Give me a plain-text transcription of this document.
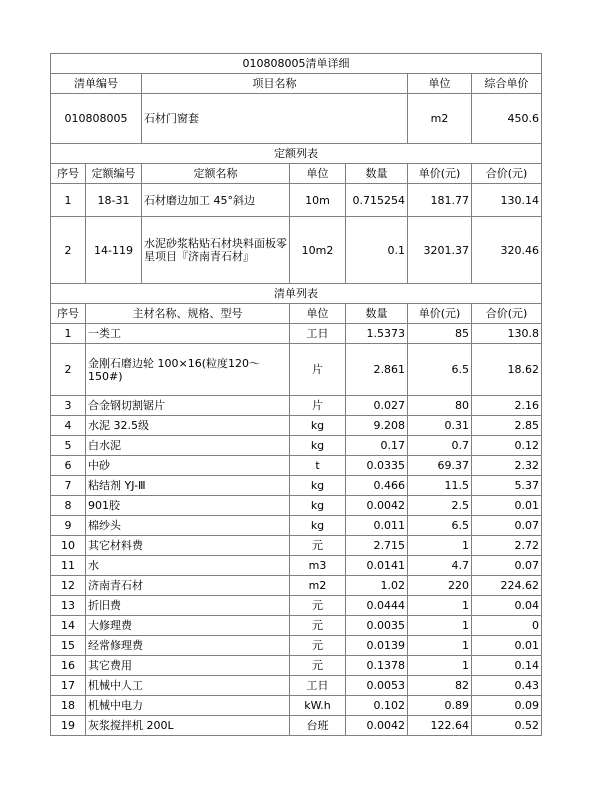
010808005清单详细						
清单编号		项目名称			单位	综合单价
010808005		石材门窗套			m2	450.6
定额列表						
序号	定额编号	定额名称	单位	数量	单价(元)	合价(元)
1	18-31	石材磨边加工 45°斜边	10m	0.715254	181.77	130.14
2	14-119	水泥砂浆粘贴石材块料面板零星项目『济南青石材』	10m2	0.1	3201.37	320.46
清单列表						
序号	主材名称、规格、型号		单位	数量	单价(元)	合价(元)
1	一类工		工日	1.5373	85	130.8
2	金刚石磨边轮 100×16(粒度120～150#)		片	2.861	6.5	18.62
3	合金钢切割锯片		片	0.027	80	2.16
4	水泥 32.5级		kg	9.208	0.31	2.85
5	白水泥		kg	0.17	0.7	0.12
6	中砂		t	0.0335	69.37	2.32
7	粘结剂 YJ-Ⅲ		kg	0.466	11.5	5.37
8	901胶		kg	0.0042	2.5	0.01
9	棉纱头		kg	0.011	6.5	0.07
10	其它材料费		元	2.715	1	2.72
11	水		m3	0.0141	4.7	0.07
12	济南青石材		m2	1.02	220	224.62
13	折旧费		元	0.0444	1	0.04
14	大修理费		元	0.0035	1	0
15	经常修理费		元	0.0139	1	0.01
16	其它费用		元	0.1378	1	0.14
17	机械中人工		工日	0.0053	82	0.43
18	机械中电力		kW.h	0.102	0.89	0.09
19	灰浆搅拌机 200L		台班	0.0042	122.64	0.52
